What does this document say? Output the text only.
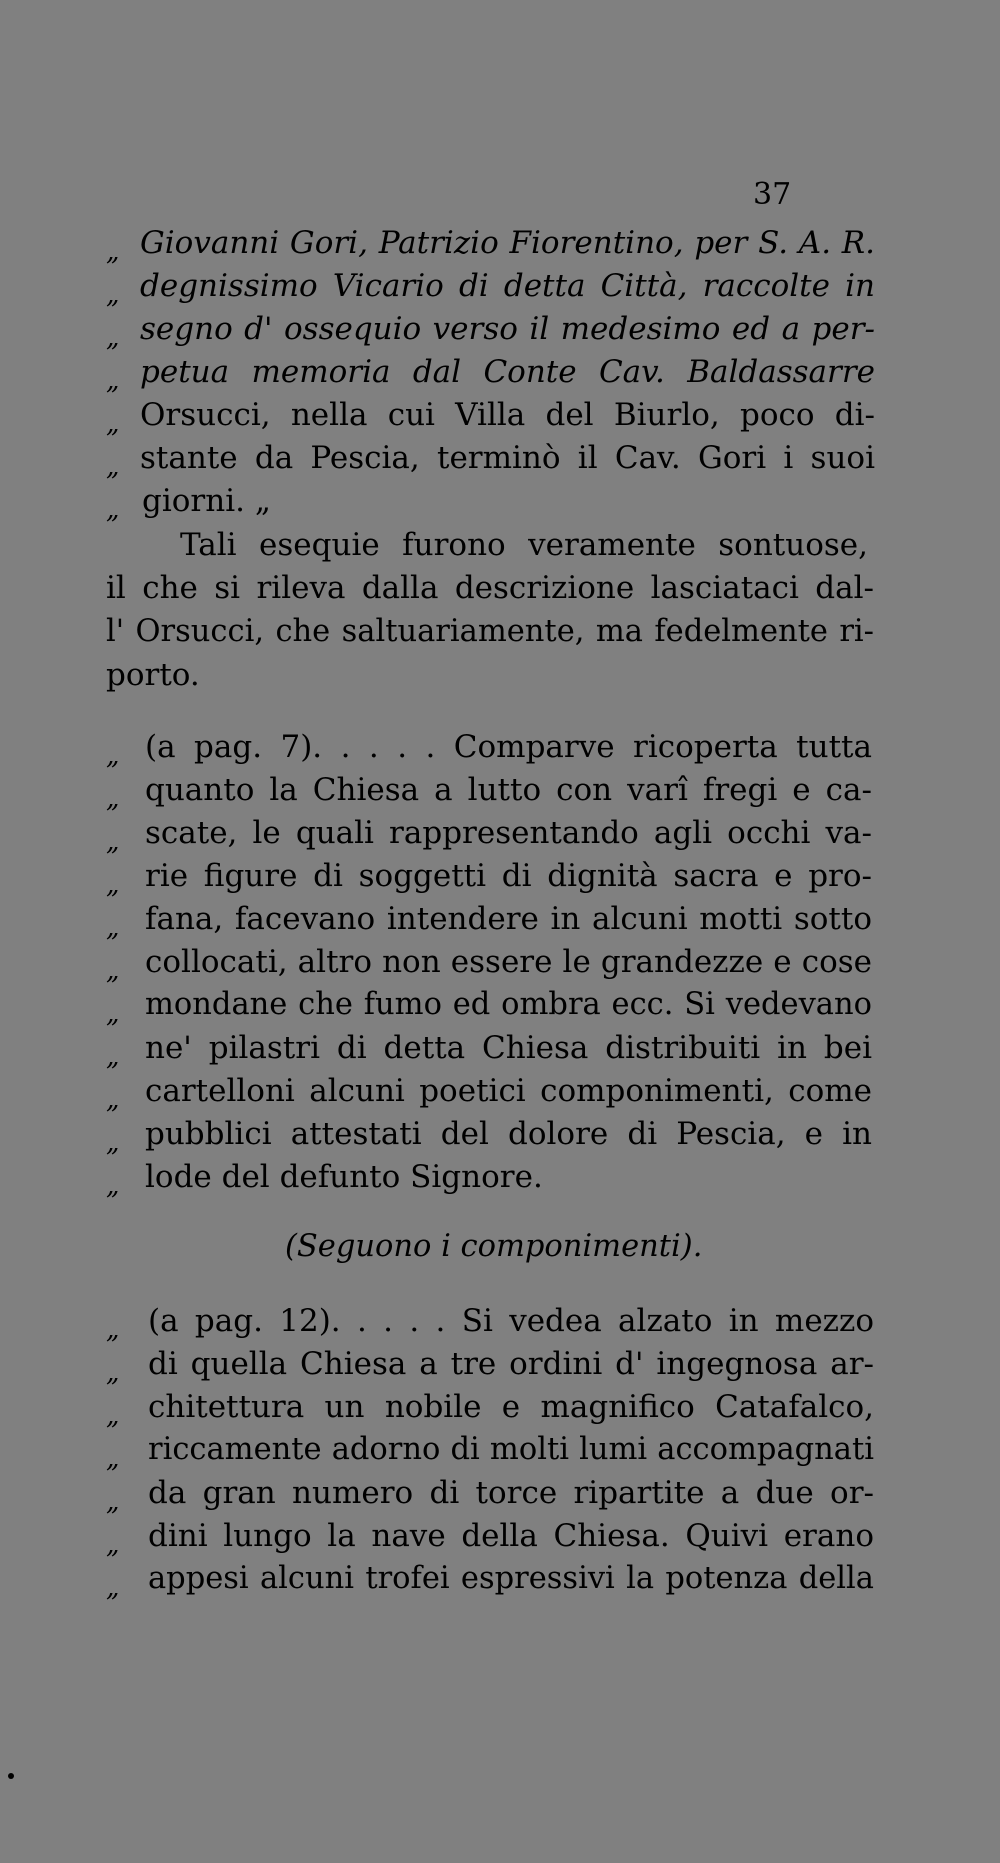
37
„ Giovanni Gori, Patrizio Fiorentino, per S. A. R.
„ degnissimo Vicario di detta Città, raccolte in
„ segno d' ossequio verso il medesimo ed a per-
„ petua memoria dal Conte Cav. Baldassarre
„ Orsucci, nella cui Villa del Biurlo, poco di-
„ stante da Pescia, terminò il Cav. Gori i suoi
„ giorni. „
Tali esequie furono veramente sontuose,
il che si rileva dalla descrizione lasciataci dal-
l' Orsucci, che saltuariamente, ma fedelmente ri-
porto.
„ (a pag. 7). . . . . Comparve ricoperta tutta
„ quanto la Chiesa a lutto con varî fregi e ca-
„ scate, le quali rappresentando agli occhi va-
„ rie figure di soggetti di dignità sacra e pro-
„ fana, facevano intendere in alcuni motti sotto
„ collocati, altro non essere le grandezze e cose
„ mondane che fumo ed ombra ecc. Si vedevano
„ ne' pilastri di detta Chiesa distribuiti in bei
„ cartelloni alcuni poetici componimenti, come
„ pubblici attestati del dolore di Pescia, e in
„ lode del defunto Signore.
(Seguono i componimenti).
„ (a pag. 12). . . . . Si vedea alzato in mezzo
„ di quella Chiesa a tre ordini d' ingegnosa ar-
„ chitettura un nobile e magnifico Catafalco,
„ riccamente adorno di molti lumi accompagnati
„ da gran numero di torce ripartite a due or-
„ dini lungo la nave della Chiesa. Quivi erano
„ appesi alcuni trofei espressivi la potenza della
